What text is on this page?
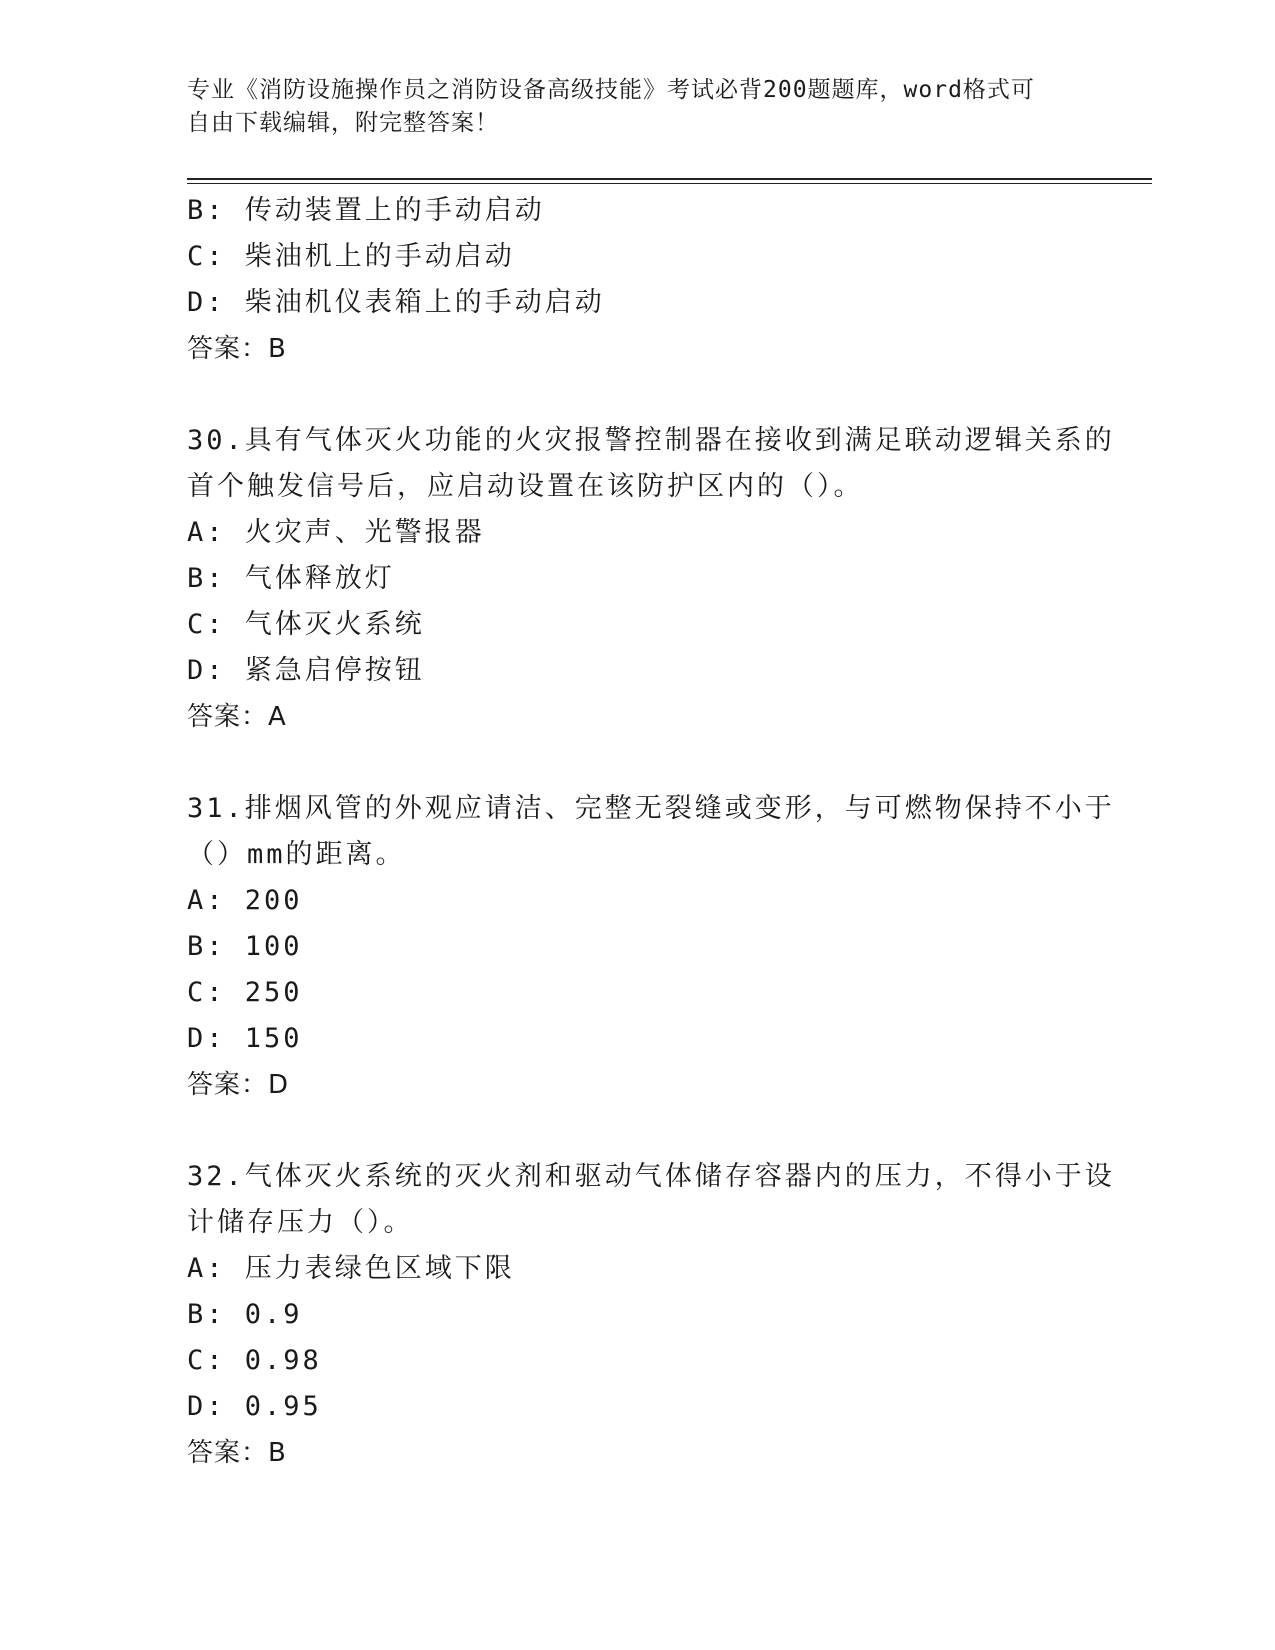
专业《消防设施操作员之消防设备高级技能》考试必背200题题库，word格式可
自由下载编辑，附完整答案！
B: 传动装置上的手动启动
C: 柴油机上的手动启动
D: 柴油机仪表箱上的手动启动
答案：B
30.具有气体灭火功能的火灾报警控制器在接收到满足联动逻辑关系的
首个触发信号后，应启动设置在该防护区内的（）。
A: 火灾声、光警报器
B: 气体释放灯
C: 气体灭火系统
D: 紧急启停按钮
答案：A
31.排烟风管的外观应请洁、完整无裂缝或变形，与可燃物保持不小于
（）mm的距离。
A: 200
B: 100
C: 250
D: 150
答案：D
32.气体灭火系统的灭火剂和驱动气体储存容器内的压力，不得小于设
计储存压力（）。
A: 压力表绿色区域下限
B: 0.9
C: 0.98
D: 0.95
答案：B
